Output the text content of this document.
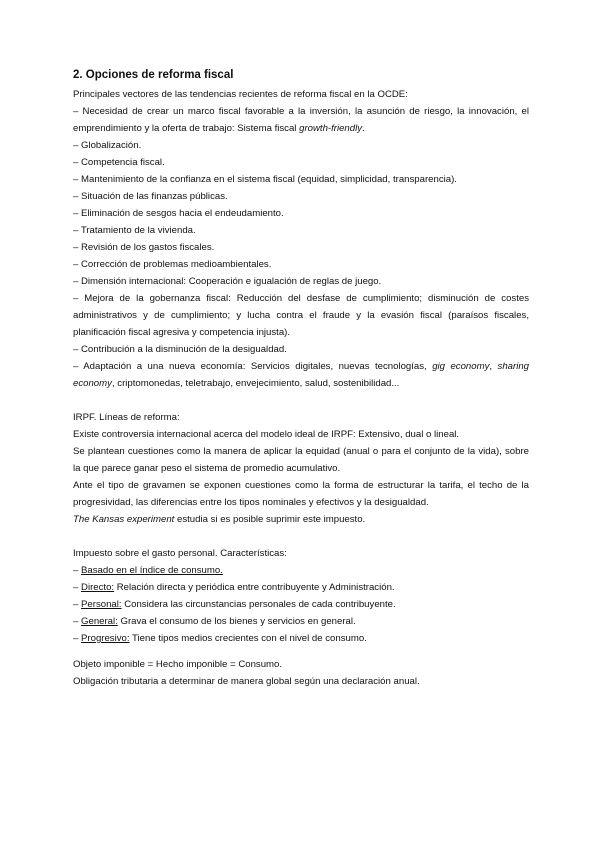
2. Opciones de reforma fiscal

Principales vectores de las tendencias recientes de reforma fiscal en la OCDE:

– Necesidad de crear un marco fiscal favorable a la inversión, la asunción de riesgo, la innovación, el emprendimiento y la oferta de trabajo: Sistema fiscal growth-friendly.

– Globalización.

– Competencia fiscal.

– Mantenimiento de la confianza en el sistema fiscal (equidad, simplicidad, transparencia).

– Situación de las finanzas públicas.

– Eliminación de sesgos hacia el endeudamiento.

– Tratamiento de la vivienda.

– Revisión de los gastos fiscales.

– Corrección de problemas medioambientales.

– Dimensión internacional: Cooperación e igualación de reglas de juego.

– Mejora de la gobernanza fiscal: Reducción del desfase de cumplimiento; disminución de costes administrativos y de cumplimiento; y lucha contra el fraude y la evasión fiscal (paraísos fiscales, planificación fiscal agresiva y competencia injusta).

– Contribución a la disminución de la desigualdad.

– Adaptación a una nueva economía: Servicios digitales, nuevas tecnologías, gig economy, sharing economy, criptomonedas, teletrabajo, envejecimiento, salud, sostenibilidad...

IRPF. Líneas de reforma:

Existe controversia internacional acerca del modelo ideal de IRPF: Extensivo, dual o lineal.

Se plantean cuestiones como la manera de aplicar la equidad (anual o para el conjunto de la vida), sobre la que parece ganar peso el sistema de promedio acumulativo.

Ante el tipo de gravamen se exponen cuestiones como la forma de estructurar la tarifa, el techo de la progresividad, las diferencias entre los tipos nominales y efectivos y la desigualdad.

The Kansas experiment estudia si es posible suprimir este impuesto.

Impuesto sobre el gasto personal. Características:

– Basado en el índice de consumo.

– Directo: Relación directa y periódica entre contribuyente y Administración.

– Personal: Considera las circunstancias personales de cada contribuyente.

– General: Grava el consumo de los bienes y servicios en general.

– Progresivo: Tiene tipos medios crecientes con el nivel de consumo.

Objeto imponible = Hecho imponible = Consumo.

Obligación tributaria a determinar de manera global según una declaración anual.
